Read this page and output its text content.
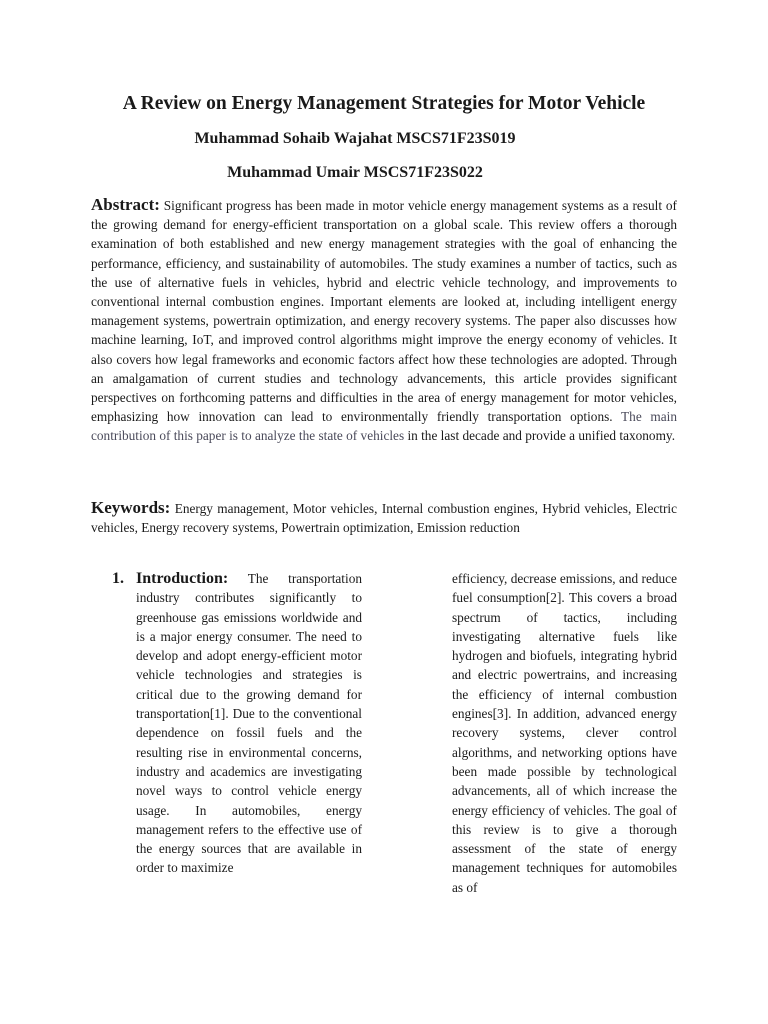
A Review on Energy Management Strategies for Motor Vehicle

Muhammad Sohaib Wajahat MSCS71F23S019

Muhammad Umair MSCS71F23S022

Abstract: Significant progress has been made in motor vehicle energy management systems as a result of the growing demand for energy-efficient transportation on a global scale. This review offers a thorough examination of both established and new energy management strategies with the goal of enhancing the performance, efficiency, and sustainability of automobiles. The study examines a number of tactics, such as the use of alternative fuels in vehicles, hybrid and electric vehicle technology, and improvements to conventional internal combustion engines. Important elements are looked at, including intelligent energy management systems, powertrain optimization, and energy recovery systems. The paper also discusses how machine learning, IoT, and improved control algorithms might improve the energy economy of vehicles. It also covers how legal frameworks and economic factors affect how these technologies are adopted. Through an amalgamation of current studies and technology advancements, this article provides significant perspectives on forthcoming patterns and difficulties in the area of energy management for motor vehicles, emphasizing how innovation can lead to environmentally friendly transportation options. The main contribution of this paper is to analyze the state of vehicles in the last decade and provide a unified taxonomy.

Keywords: Energy management, Motor vehicles, Internal combustion engines, Hybrid vehicles, Electric vehicles, Energy recovery systems, Powertrain optimization, Emission reduction

1. Introduction: The transportation industry contributes significantly to greenhouse gas emissions worldwide and is a major energy consumer. The need to develop and adopt energy-efficient motor vehicle technologies and strategies is critical due to the growing demand for transportation[1]. Due to the conventional dependence on fossil fuels and the resulting rise in environmental concerns, industry and academics are investigating novel ways to control vehicle energy usage. In automobiles, energy management refers to the effective use of the energy sources that are available in order to maximize

efficiency, decrease emissions, and reduce fuel consumption[2]. This covers a broad spectrum of tactics, including investigating alternative fuels like hydrogen and biofuels, integrating hybrid and electric powertrains, and increasing the efficiency of internal combustion engines[3]. In addition, advanced energy recovery systems, clever control algorithms, and networking options have been made possible by technological advancements, all of which increase the energy efficiency of vehicles. The goal of this review is to give a thorough assessment of the state of energy management techniques for automobiles as of
